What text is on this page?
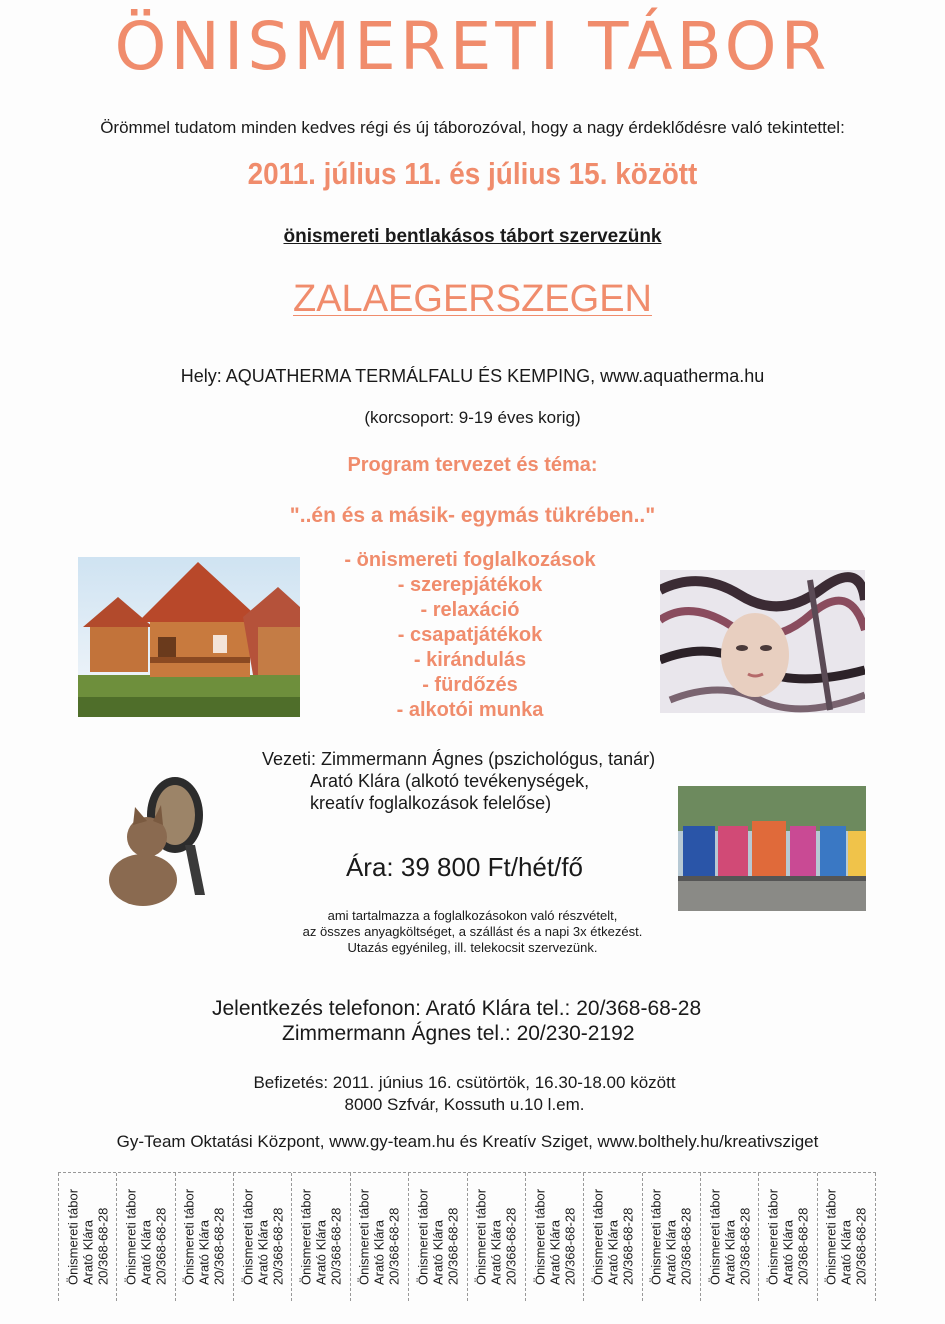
ÖNISMERETI TÁBOR
Örömmel tudatom minden kedves régi és új táborozóval, hogy a nagy érdeklődésre való tekintettel:
2011. július 11. és július 15. között
önismereti bentlakásos tábort szervezünk
ZALAEGERSZEGEN
Hely: AQUATHERMA TERMÁLFALU ÉS KEMPING, www.aquatherma.hu
(korcsoport: 9-19 éves korig)
Program tervezet és téma:
"..én és a másik- egymás tükrében.."
- önismereti foglalkozások
- szerepjátékok
- relaxáció
- csapatjátékok
- kirándulás
- fürdőzés
- alkotói munka
Vezeti: Zimmermann Ágnes (pszichológus, tanár)
Arató Klára (alkotó tevékenységek,
kreatív foglalkozások felelőse)
Ára: 39 800 Ft/hét/fő
ami tartalmazza a foglalkozásokon való részvételt,
az összes anyagköltséget, a szállást és a napi 3x étkezést.
Utazás egyénileg, ill. telekocsit szervezünk.
Jelentkezés telefonon: Arató Klára tel.: 20/368-68-28
Zimmermann Ágnes tel.: 20/230-2192
Befizetés: 2011. június 16. csütörtök, 16.30-18.00 között
8000 Szfvár, Kossuth u.10 l.em.
Gy-Team Oktatási Központ, www.gy-team.hu és Kreatív Sziget, www.bolthely.hu/kreativsziget
Önismereti tábor Arató Klára 20/368-68-28 Önismereti tábor Arató Klára 20/368-68-28 Önismereti tábor Arató Klára 20/368-68-28 Önismereti tábor Arató Klára 20/368-68-28 Önismereti tábor Arató Klára 20/368-68-28 Önismereti tábor Arató Klára 20/368-68-28 Önismereti tábor Arató Klára 20/368-68-28 Önismereti tábor Arató Klára 20/368-68-28 Önismereti tábor Arató Klára 20/368-68-28 Önismereti tábor Arató Klára 20/368-68-28 Önismereti tábor Arató Klára 20/368-68-28 Önismereti tábor Arató Klára 20/368-68-28 Önismereti tábor Arató Klára 20/368-68-28 Önismereti tábor Arató Klára 20/368-68-28
